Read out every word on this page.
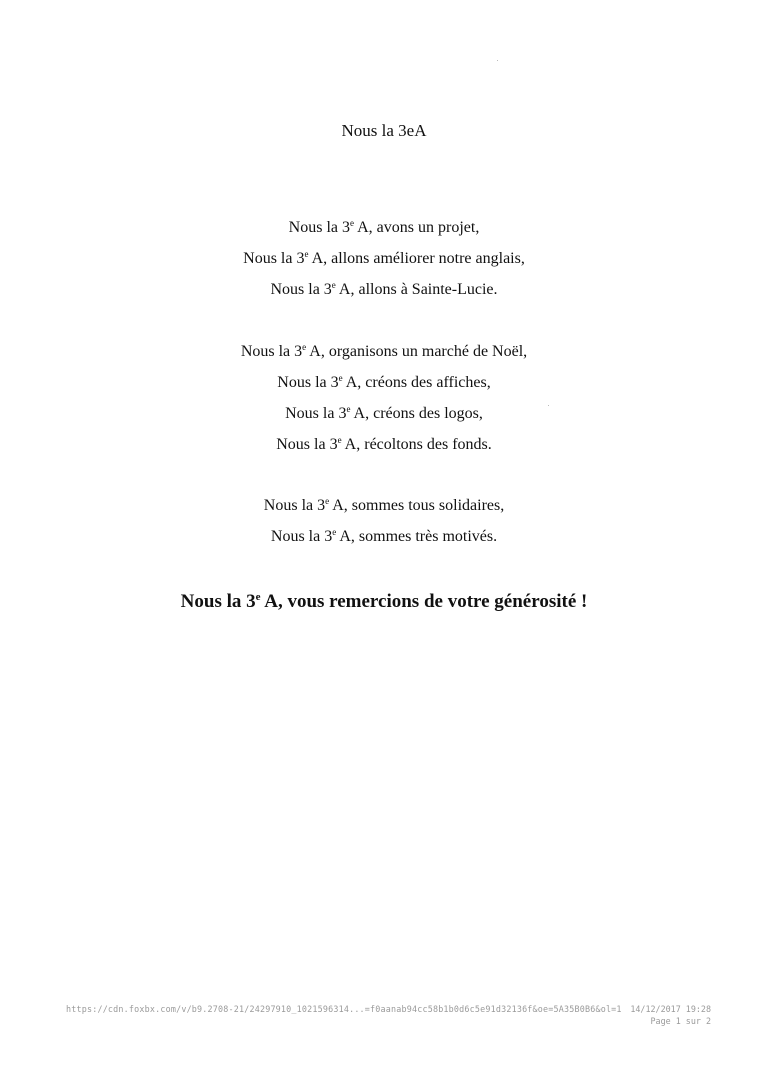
Nous la 3eA
Nous la 3e A, avons un projet,
Nous la 3e A, allons améliorer notre anglais,
Nous la 3e A, allons à Sainte-Lucie.
Nous la 3e A, organisons un marché de Noël,
Nous la 3e A, créons des affiches,
Nous la 3e A, créons des logos,
Nous la 3e A, récoltons des fonds.
Nous la 3e A, sommes tous solidaires,
Nous la 3e A, sommes très motivés.
Nous la 3e A, vous remercions de votre générosité !
https://cdn.foxbx.com/v/b9.2708-21/24297910_1021596314...=f0aanab94cc58b1b0d6c5e91d32136f&oe=5A35B0B6&ol=1 14/12/2017 19:28
Page 1 sur 2
